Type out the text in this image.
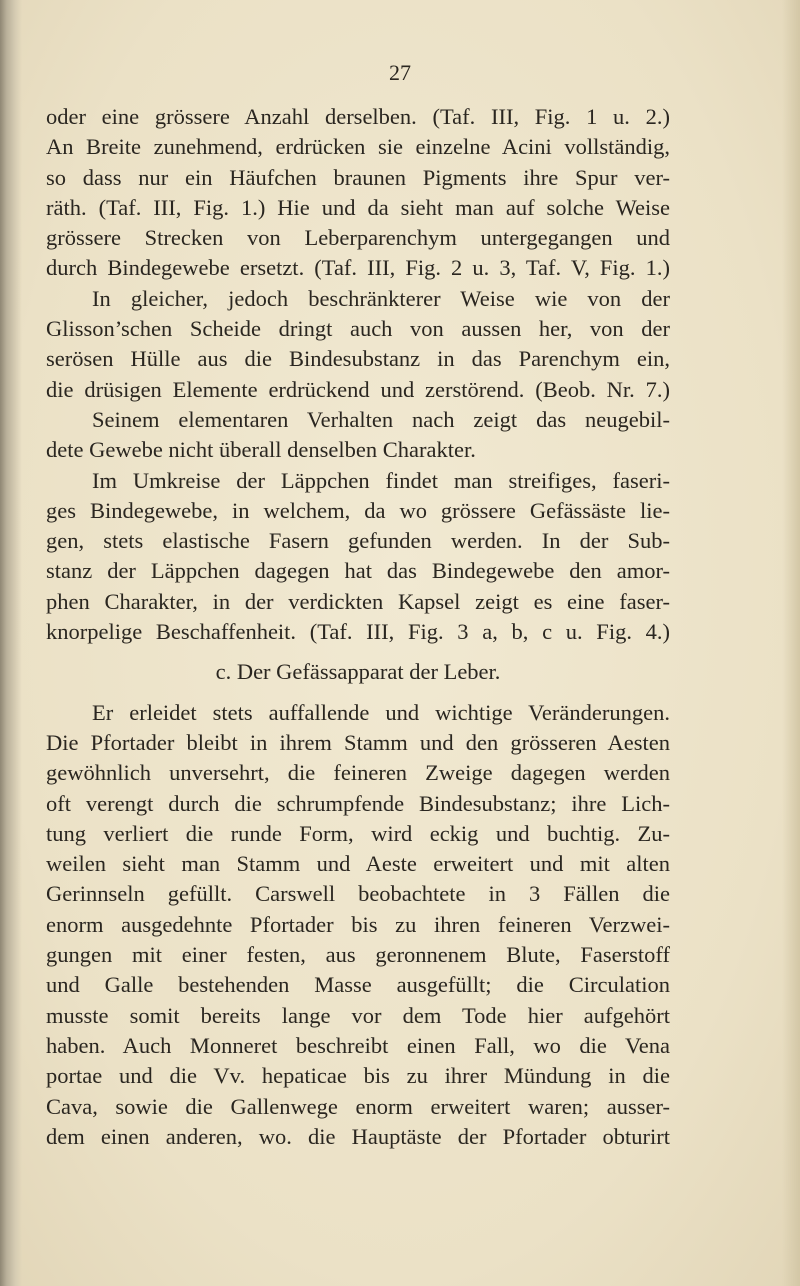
27
oder eine grössere Anzahl derselben. (Taf. III, Fig. 1 u. 2.)
An Breite zunehmend, erdrücken sie einzelne Acini vollständig,
so dass nur ein Häufchen braunen Pigments ihre Spur ver-
räth. (Taf. III, Fig. 1.) Hie und da sieht man auf solche Weise
grössere Strecken von Leberparenchym untergegangen und
durch Bindegewebe ersetzt. (Taf. III, Fig. 2 u. 3, Taf. V, Fig. 1.)
In gleicher, jedoch beschränkterer Weise wie von der
Glisson’schen Scheide dringt auch von aussen her, von der
serösen Hülle aus die Bindesubstanz in das Parenchym ein,
die drüsigen Elemente erdrückend und zerstörend. (Beob. Nr. 7.)
Seinem elementaren Verhalten nach zeigt das neugebil-
dete Gewebe nicht überall denselben Charakter.
Im Umkreise der Läppchen findet man streifiges, faseri-
ges Bindegewebe, in welchem, da wo grössere Gefässäste lie-
gen, stets elastische Fasern gefunden werden. In der Sub-
stanz der Läppchen dagegen hat das Bindegewebe den amor-
phen Charakter, in der verdickten Kapsel zeigt es eine faser-
knorpelige Beschaffenheit. (Taf. III, Fig. 3 a, b, c u. Fig. 4.)
c. Der Gefässapparat der Leber.
Er erleidet stets auffallende und wichtige Veränderungen.
Die Pfortader bleibt in ihrem Stamm und den grösseren Aesten
gewöhnlich unversehrt, die feineren Zweige dagegen werden
oft verengt durch die schrumpfende Bindesubstanz; ihre Lich-
tung verliert die runde Form, wird eckig und buchtig. Zu-
weilen sieht man Stamm und Aeste erweitert und mit alten
Gerinnseln gefüllt. Carswell beobachtete in 3 Fällen die
enorm ausgedehnte Pfortader bis zu ihren feineren Verzwei-
gungen mit einer festen, aus geronnenem Blute, Faserstoff
und Galle bestehenden Masse ausgefüllt; die Circulation
musste somit bereits lange vor dem Tode hier aufgehört
haben. Auch Monneret beschreibt einen Fall, wo die Vena
portae und die Vv. hepaticae bis zu ihrer Mündung in die
Cava, sowie die Gallenwege enorm erweitert waren; ausser-
dem einen anderen, wo. die Hauptäste der Pfortader obturirt
